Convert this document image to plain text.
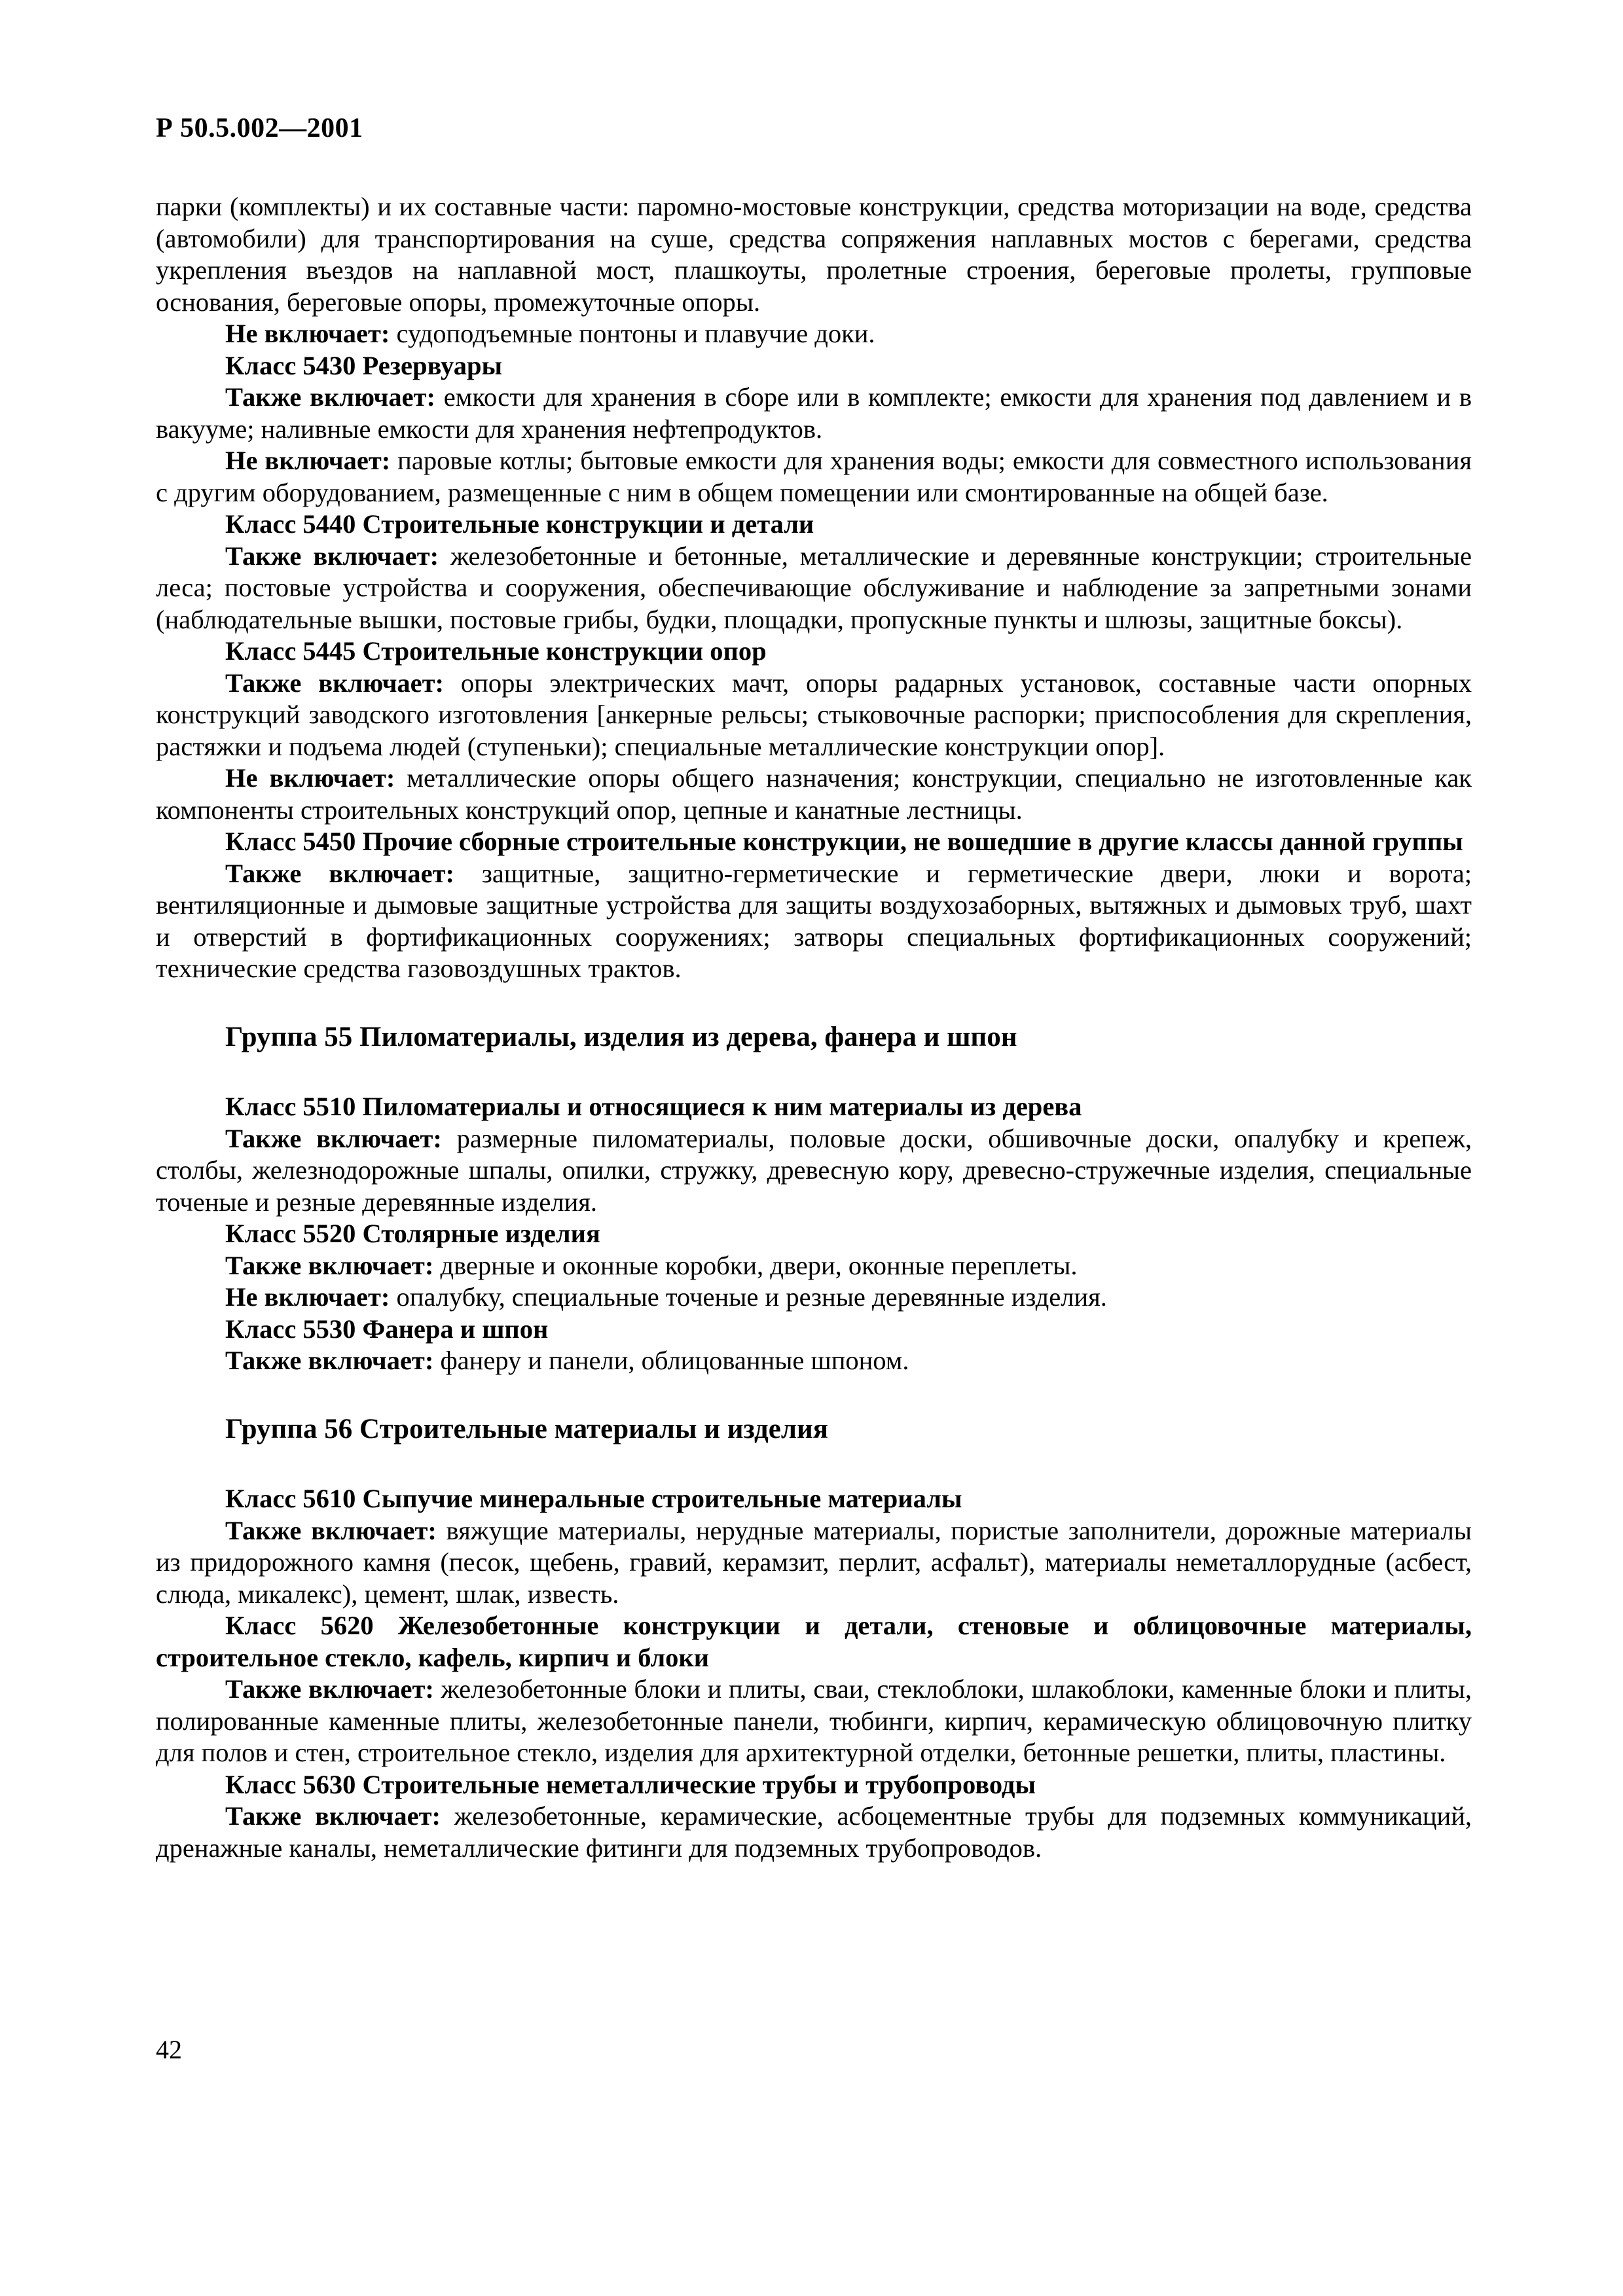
Р 50.5.002—2001

парки (комплекты) и их составные части: паромно-мостовые конструкции, средства моторизации на воде, средства (автомобили) для транспортирования на суше, средства сопряжения наплавных мостов с берегами, средства укрепления въездов на наплавной мост, плашкоуты, пролетные строения, береговые пролеты, групповые основания, береговые опоры, промежуточные опоры.

Не включает: судоподъемные понтоны и плавучие доки.

Класс 5430 Резервуары

Также включает: емкости для хранения в сборе или в комплекте; емкости для хранения под давлением и в вакууме; наливные емкости для хранения нефтепродуктов.

Не включает: паровые котлы; бытовые емкости для хранения воды; емкости для совместного использования с другим оборудованием, размещенные с ним в общем помещении или смонтированные на общей базе.

Класс 5440 Строительные конструкции и детали

Также включает: железобетонные и бетонные, металлические и деревянные конструкции; строительные леса; постовые устройства и сооружения, обеспечивающие обслуживание и наблюдение за запретными зонами (наблюдательные вышки, постовые грибы, будки, площадки, пропускные пункты и шлюзы, защитные боксы).

Класс 5445 Строительные конструкции опор

Также включает: опоры электрических мачт, опоры радарных установок, составные части опорных конструкций заводского изготовления [анкерные рельсы; стыковочные распорки; приспособления для скрепления, растяжки и подъема людей (ступеньки); специальные металлические конструкции опор].

Не включает: металлические опоры общего назначения; конструкции, специально не изготовленные как компоненты строительных конструкций опор, цепные и канатные лестницы.

Класс 5450 Прочие сборные строительные конструкции, не вошедшие в другие классы данной группы

Также включает: защитные, защитно-герметические и герметические двери, люки и ворота; вентиляционные и дымовые защитные устройства для защиты воздухозаборных, вытяжных и дымовых труб, шахт и отверстий в фортификационных сооружениях; затворы специальных фортификационных сооружений; технические средства газовоздушных трактов.

Группа 55 Пиломатериалы, изделия из дерева, фанера и шпон

Класс 5510 Пиломатериалы и относящиеся к ним материалы из дерева

Также включает: размерные пиломатериалы, половые доски, обшивочные доски, опалубку и крепеж, столбы, железнодорожные шпалы, опилки, стружку, древесную кору, древесно-стружечные изделия, специальные точеные и резные деревянные изделия.

Класс 5520 Столярные изделия

Также включает: дверные и оконные коробки, двери, оконные переплеты.

Не включает: опалубку, специальные точеные и резные деревянные изделия.

Класс 5530 Фанера и шпон

Также включает: фанеру и панели, облицованные шпоном.

Группа 56 Строительные материалы и изделия

Класс 5610 Сыпучие минеральные строительные материалы

Также включает: вяжущие материалы, нерудные материалы, пористые заполнители, дорожные материалы из придорожного камня (песок, щебень, гравий, керамзит, перлит, асфальт), материалы неметаллорудные (асбест, слюда, микалекс), цемент, шлак, известь.

Класс 5620 Железобетонные конструкции и детали, стеновые и облицовочные материалы, строительное стекло, кафель, кирпич и блоки

Также включает: железобетонные блоки и плиты, сваи, стеклоблоки, шлакоблоки, каменные блоки и плиты, полированные каменные плиты, железобетонные панели, тюбинги, кирпич, керамическую облицовочную плитку для полов и стен, строительное стекло, изделия для архитектурной отделки, бетонные решетки, плиты, пластины.

Класс 5630 Строительные неметаллические трубы и трубопроводы

Также включает: железобетонные, керамические, асбоцементные трубы для подземных коммуникаций, дренажные каналы, неметаллические фитинги для подземных трубопроводов.

42
